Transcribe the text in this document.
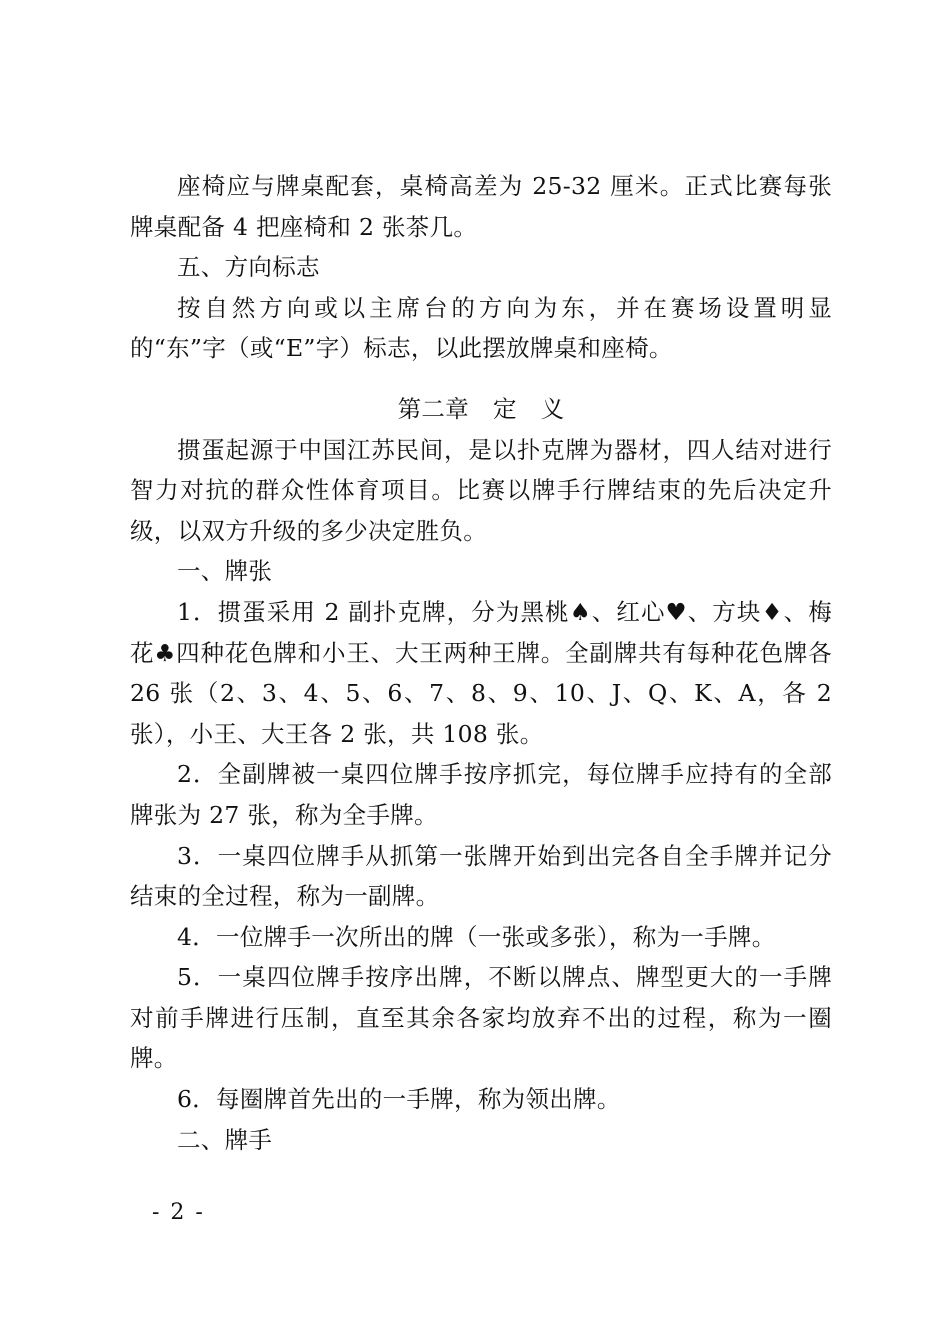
座椅应与牌桌配套，桌椅高差为 25-32 厘米。正式比赛每张牌桌配备 4 把座椅和 2 张茶几。

五、方向标志

按自然方向或以主席台的方向为东，并在赛场设置明显的“东”字（或“E”字）标志，以此摆放牌桌和座椅。

第二章 定　义

掼蛋起源于中国江苏民间，是以扑克牌为器材，四人结对进行智力对抗的群众性体育项目。比赛以牌手行牌结束的先后决定升级，以双方升级的多少决定胜负。

一、牌张

1．掼蛋采用 2 副扑克牌，分为黑桃♠、红心♥、方块♦、梅花♣四种花色牌和小王、大王两种王牌。全副牌共有每种花色牌各 26 张（2、3、4、5、6、7、8、9、10、J、Q、K、A，各 2 张），小王、大王各 2 张，共 108 张。

2．全副牌被一桌四位牌手按序抓完，每位牌手应持有的全部牌张为 27 张，称为全手牌。

3．一桌四位牌手从抓第一张牌开始到出完各自全手牌并记分结束的全过程，称为一副牌。

4．一位牌手一次所出的牌（一张或多张），称为一手牌。

5．一桌四位牌手按序出牌，不断以牌点、牌型更大的一手牌对前手牌进行压制，直至其余各家均放弃不出的过程，称为一圈牌。

6．每圈牌首先出的一手牌，称为领出牌。

二、牌手

- 2 -
